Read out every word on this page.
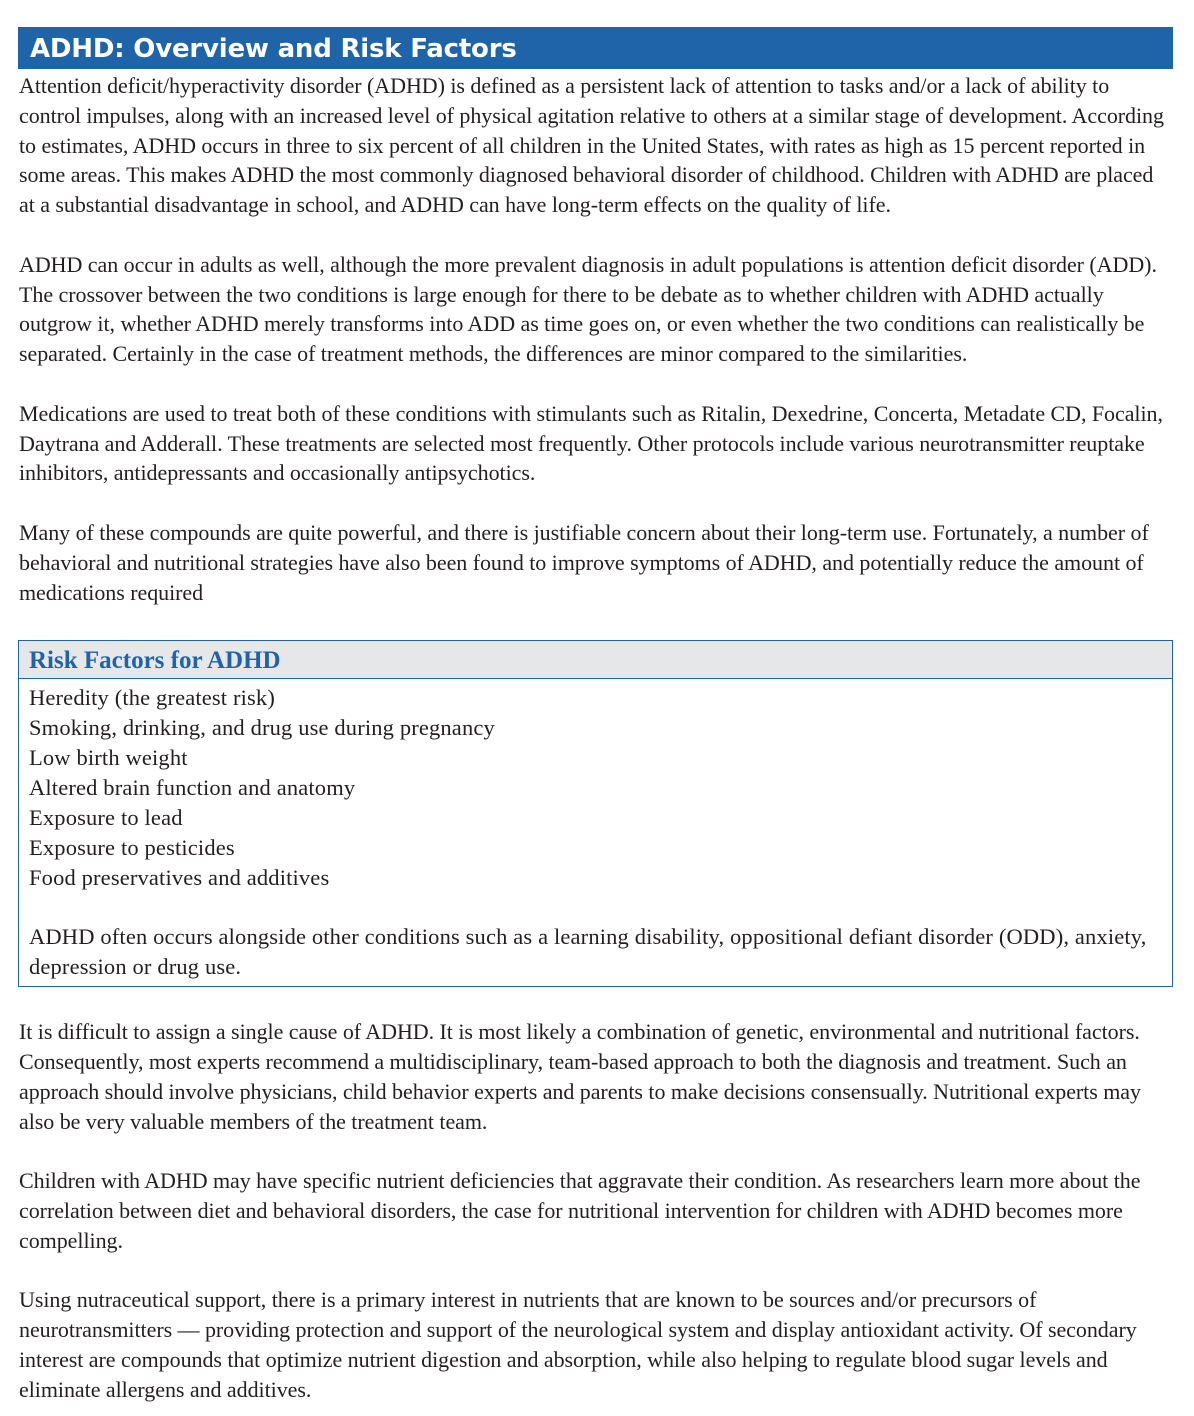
ADHD: Overview and Risk Factors

Attention deficit/hyperactivity disorder (ADHD) is defined as a persistent lack of attention to tasks and/or a lack of ability to control impulses, along with an increased level of physical agitation relative to others at a similar stage of development. According to estimates, ADHD occurs in three to six percent of all children in the United States, with rates as high as 15 percent reported in some areas. This makes ADHD the most commonly diagnosed behavioral disorder of childhood. Children with ADHD are placed at a substantial disadvantage in school, and ADHD can have long-term effects on the quality of life.

ADHD can occur in adults as well, although the more prevalent diagnosis in adult populations is attention deficit disorder (ADD). The crossover between the two conditions is large enough for there to be debate as to whether children with ADHD actually outgrow it, whether ADHD merely transforms into ADD as time goes on, or even whether the two conditions can realistically be separated. Certainly in the case of treatment methods, the differences are minor compared to the similarities.

Medications are used to treat both of these conditions with stimulants such as Ritalin, Dexedrine, Concerta, Metadate CD, Focalin, Daytrana and Adderall. These treatments are selected most frequently. Other protocols include various neurotransmitter reuptake inhibitors, antidepressants and occasionally antipsychotics.

Many of these compounds are quite powerful, and there is justifiable concern about their long-term use. Fortunately, a number of behavioral and nutritional strategies have also been found to improve symptoms of ADHD, and potentially reduce the amount of medications required

Risk Factors for ADHD
Heredity (the greatest risk)
Smoking, drinking, and drug use during pregnancy
Low birth weight
Altered brain function and anatomy
Exposure to lead
Exposure to pesticides
Food preservatives and additives

ADHD often occurs alongside other conditions such as a learning disability, oppositional defiant disorder (ODD), anxiety, depression or drug use.

It is difficult to assign a single cause of ADHD. It is most likely a combination of genetic, environmental and nutritional factors. Consequently, most experts recommend a multidisciplinary, team-based approach to both the diagnosis and treatment. Such an approach should involve physicians, child behavior experts and parents to make decisions consensually. Nutritional experts may also be very valuable members of the treatment team.

Children with ADHD may have specific nutrient deficiencies that aggravate their condition. As researchers learn more about the correlation between diet and behavioral disorders, the case for nutritional intervention for children with ADHD becomes more compelling.

Using nutraceutical support, there is a primary interest in nutrients that are known to be sources and/or precursors of neurotransmitters — providing protection and support of the neurological system and display antioxidant activity. Of secondary interest are compounds that optimize nutrient digestion and absorption, while also helping to regulate blood sugar levels and eliminate allergens and additives.
